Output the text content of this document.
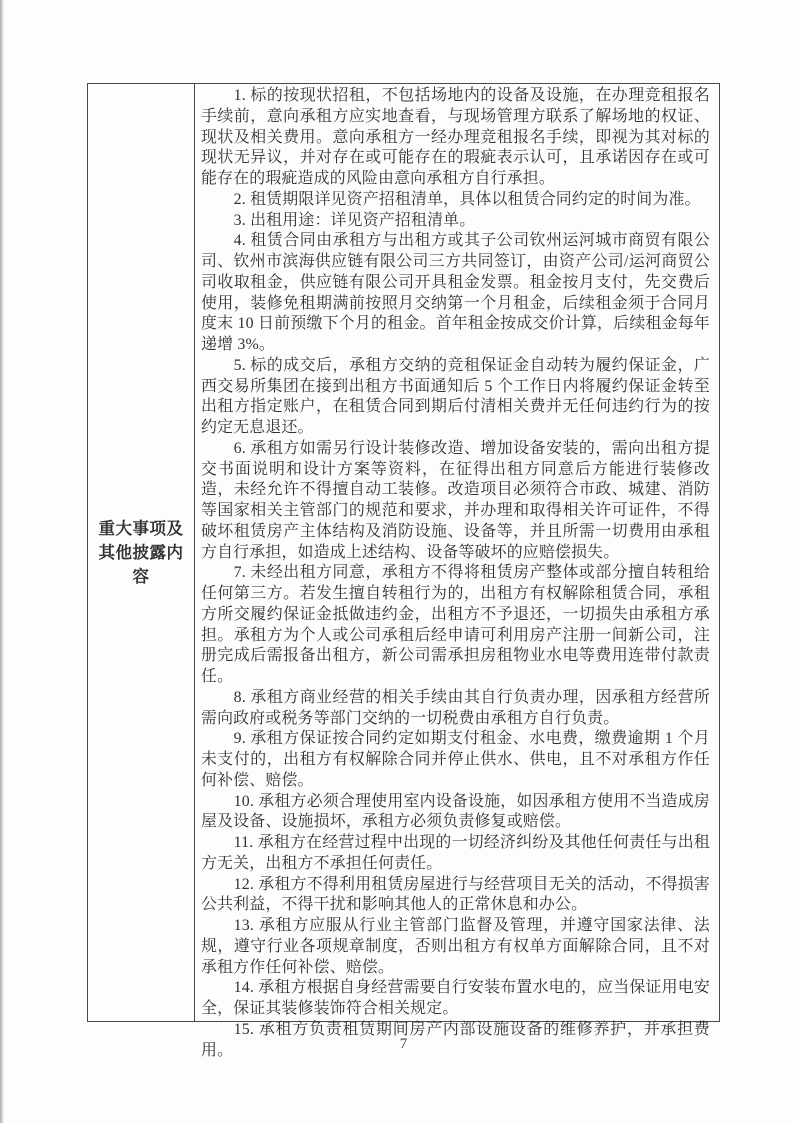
重大事项及其他披露内容

1. 标的按现状招租，不包括场地内的设备及设施，在办理竞租报名手续前，意向承租方应实地查看，与现场管理方联系了解场地的权证、现状及相关费用。意向承租方一经办理竞租报名手续，即视为其对标的现状无异议，并对存在或可能存在的瑕疵表示认可，且承诺因存在或可能存在的瑕疵造成的风险由意向承租方自行承担。

2. 租赁期限详见资产招租清单，具体以租赁合同约定的时间为准。

3. 出租用途：详见资产招租清单。

4. 租赁合同由承租方与出租方或其子公司钦州运河城市商贸有限公司、钦州市滨海供应链有限公司三方共同签订，由资产公司/运河商贸公司收取租金，供应链有限公司开具租金发票。租金按月支付，先交费后使用，装修免租期满前按照月交纳第一个月租金，后续租金须于合同月度末 10 日前预缴下个月的租金。首年租金按成交价计算，后续租金每年递增 3%。

5. 标的成交后，承租方交纳的竞租保证金自动转为履约保证金，广西交易所集团在接到出租方书面通知后 5 个工作日内将履约保证金转至出租方指定账户，在租赁合同到期后付清相关费并无任何违约行为的按约定无息退还。

6. 承租方如需另行设计装修改造、增加设备安装的，需向出租方提交书面说明和设计方案等资料，在征得出租方同意后方能进行装修改造，未经允许不得擅自动工装修。改造项目必须符合市政、城建、消防等国家相关主管部门的规范和要求，并办理和取得相关许可证件，不得破坏租赁房产主体结构及消防设施、设备等，并且所需一切费用由承租方自行承担，如造成上述结构、设备等破坏的应赔偿损失。

7. 未经出租方同意，承租方不得将租赁房产整体或部分擅自转租给任何第三方。若发生擅自转租行为的，出租方有权解除租赁合同，承租方所交履约保证金抵做违约金，出租方不予退还，一切损失由承租方承担。承租方为个人或公司承租后经申请可利用房产注册一间新公司，注册完成后需报备出租方，新公司需承担房租物业水电等费用连带付款责任。

8. 承租方商业经营的相关手续由其自行负责办理，因承租方经营所需向政府或税务等部门交纳的一切税费由承租方自行负责。

9. 承租方保证按合同约定如期支付租金、水电费，缴费逾期 1 个月未支付的，出租方有权解除合同并停止供水、供电，且不对承租方作任何补偿、赔偿。

10. 承租方必须合理使用室内设备设施，如因承租方使用不当造成房屋及设备、设施损坏，承租方必须负责修复或赔偿。

11. 承租方在经营过程中出现的一切经济纠纷及其他任何责任与出租方无关，出租方不承担任何责任。

12. 承租方不得利用租赁房屋进行与经营项目无关的活动，不得损害公共利益，不得干扰和影响其他人的正常休息和办公。

13. 承租方应服从行业主管部门监督及管理，并遵守国家法律、法规，遵守行业各项规章制度，否则出租方有权单方面解除合同，且不对承租方作任何补偿、赔偿。

14. 承租方根据自身经营需要自行安装布置水电的，应当保证用电安全，保证其装修装饰符合相关规定。

15. 承租方负责租赁期间房产内部设施设备的维修养护，并承担费用。	7
